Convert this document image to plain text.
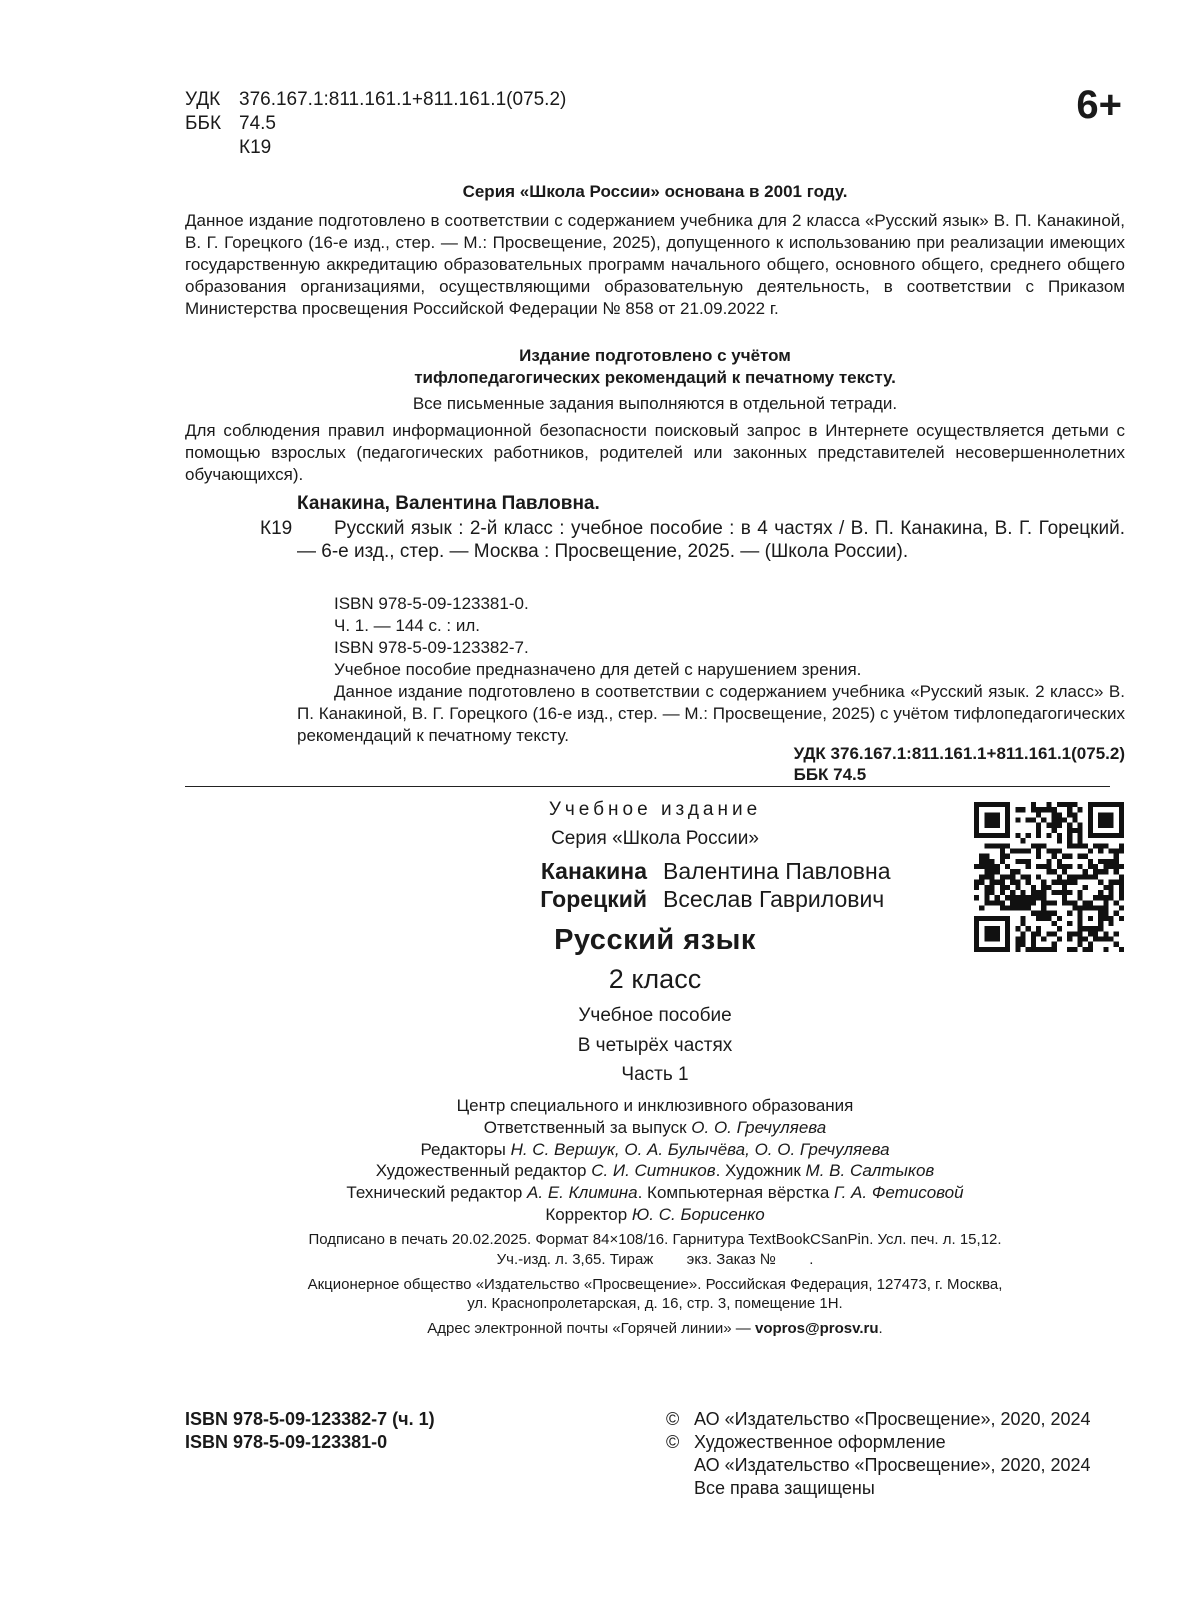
УДК 376.167.1:811.161.1+811.161.1(075.2)
ББК 74.5
К19
6+

Серия «Школа России» основана в 2001 году.

Данное издание подготовлено в соответствии с содержанием учебника для 2 класса «Русский язык» В. П. Канакиной, В. Г. Горецкого (16-е изд., стер. — М.: Просвещение, 2025), допущенного к использованию при реализации имеющих государственную аккредитацию образовательных программ начального общего, основного общего, среднего общего образования организациями, осуществляющими образовательную деятельность, в соответствии с Приказом Министерства просвещения Российской Федерации № 858 от 21.09.2022 г.

Издание подготовлено с учётом
тифлопедагогических рекомендаций к печатному тексту.

Все письменные задания выполняются в отдельной тетради.

Для соблюдения правил информационной безопасности поисковый запрос в Интернете осуществляется детьми с помощью взрослых (педагогических работников, родителей или законных представителей несовершеннолетних обучающихся).

Канакина, Валентина Павловна.
К19	Русский язык : 2-й класс : учебное пособие : в 4 частях / В. П. Канакина, В. Г. Горецкий. — 6-е изд., стер. — Москва : Просвещение, 2025. — (Школа России).

ISBN 978-5-09-123381-0.
Ч. 1. — 144 с. : ил.
ISBN 978-5-09-123382-7.
Учебное пособие предназначено для детей с нарушением зрения.

Данное издание подготовлено в соответствии с содержанием учебника «Русский язык. 2 класс» В. П. Канакиной, В. Г. Горецкого (16-е изд., стер. — М.: Просвещение, 2025) с учётом тифлопедагогических рекомендаций к печатному тексту.

УДК 376.167.1:811.161.1+811.161.1(075.2)
ББК 74.5
Учебное издание
Серия «Школа России»
Канакина Валентина Павловна
Горецкий Всеслав Гаврилович
Русский язык
2 класс
Учебное пособие
В четырёх частях
Часть 1
Центр специального и инклюзивного образования
Ответственный за выпуск О. О. Гречуляева
Редакторы Н. С. Вершук, О. А. Булычёва, О. О. Гречуляева
Художественный редактор С. И. Ситников. Художник М. В. Салтыков
Технический редактор А. Е. Климина. Компьютерная вёрстка Г. А. Фетисовой
Корректор Ю. С. Борисенко
Подписано в печать 20.02.2025. Формат 84×108/16. Гарнитура TextBookCSanPin. Усл. печ. л. 15,12.
Уч.-изд. л. 3,65. Тираж        экз. Заказ №        .
Акционерное общество «Издательство «Просвещение». Российская Федерация, 127473, г. Москва,
ул. Краснопролетарская, д. 16, стр. 3, помещение 1Н.
Адрес электронной почты «Горячей линии» — vopros@prosv.ru.
ISBN 978-5-09-123382-7 (ч. 1)
ISBN 978-5-09-123381-0
© АО «Издательство «Просвещение», 2020, 2024
© Художественное оформление
АО «Издательство «Просвещение», 2020, 2024
Все права защищены
